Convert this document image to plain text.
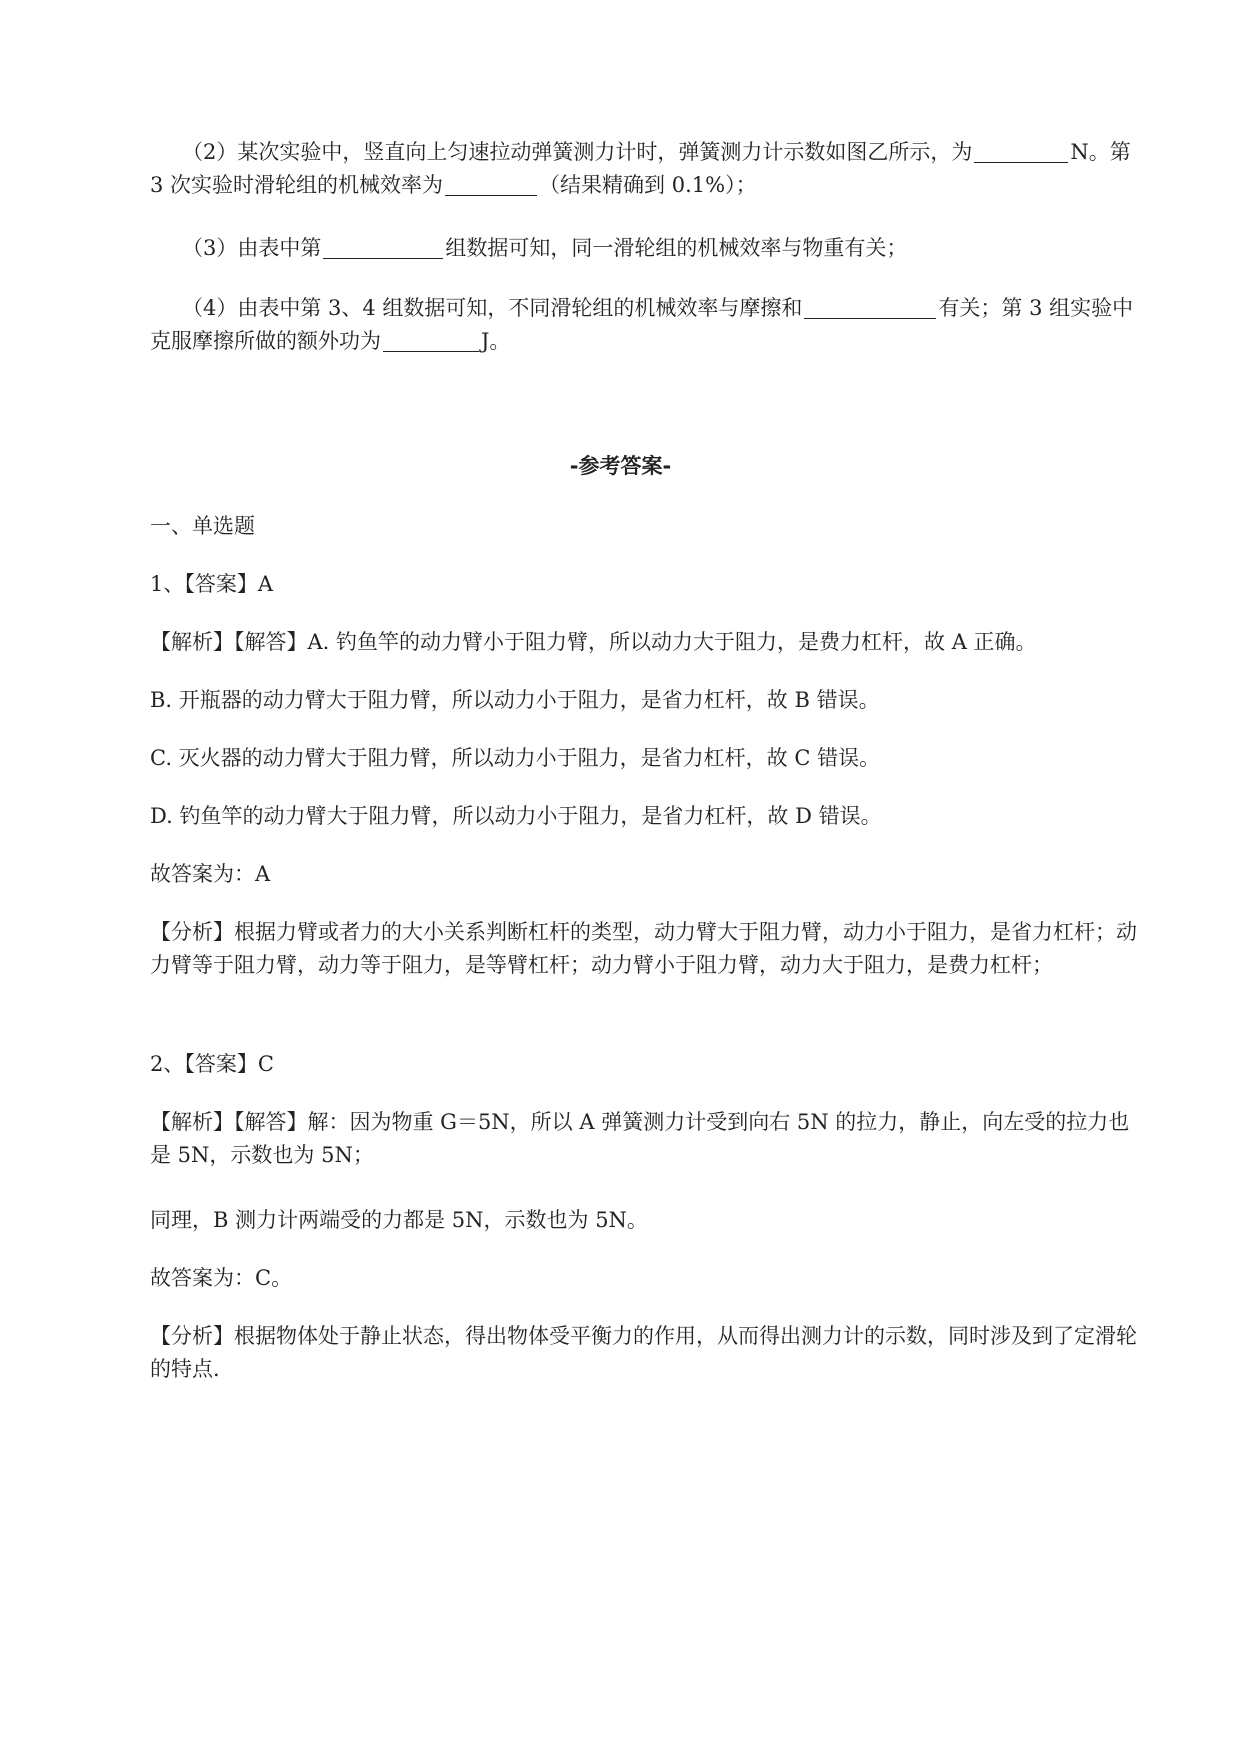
（2）某次实验中，竖直向上匀速拉动弹簧测力计时，弹簧测力计示数如图乙所示，为	N。第 3 次实验时滑轮组的机械效率为	（结果精确到 0.1%）；

（3）由表中第	组数据可知，同一滑轮组的机械效率与物重有关；

（4）由表中第 3、4 组数据可知，不同滑轮组的机械效率与摩擦和	有关；第 3 组实验中克服摩擦所做的额外功为	J。

-参考答案-

一、单选题

1、【答案】A

【解析】【解答】A. 钓鱼竿的动力臂小于阻力臂，所以动力大于阻力，是费力杠杆，故 A 正确。

B. 开瓶器的动力臂大于阻力臂，所以动力小于阻力，是省力杠杆，故 B 错误。

C. 灭火器的动力臂大于阻力臂，所以动力小于阻力，是省力杠杆，故 C 错误。

D. 钓鱼竿的动力臂大于阻力臂，所以动力小于阻力，是省力杠杆，故 D 错误。

故答案为：A

【分析】根据力臂或者力的大小关系判断杠杆的类型，动力臂大于阻力臂，动力小于阻力，是省力杠杆；动力臂等于阻力臂，动力等于阻力，是等臂杠杆；动力臂小于阻力臂，动力大于阻力，是费力杠杆；

2、【答案】C

【解析】【解答】解：因为物重 G＝5N，所以 A 弹簧测力计受到向右 5N 的拉力，静止，向左受的拉力也是 5N，示数也为 5N；

同理，B 测力计两端受的力都是 5N，示数也为 5N。

故答案为：C。

【分析】根据物体处于静止状态，得出物体受平衡力的作用，从而得出测力计的示数，同时涉及到了定滑轮的特点.
